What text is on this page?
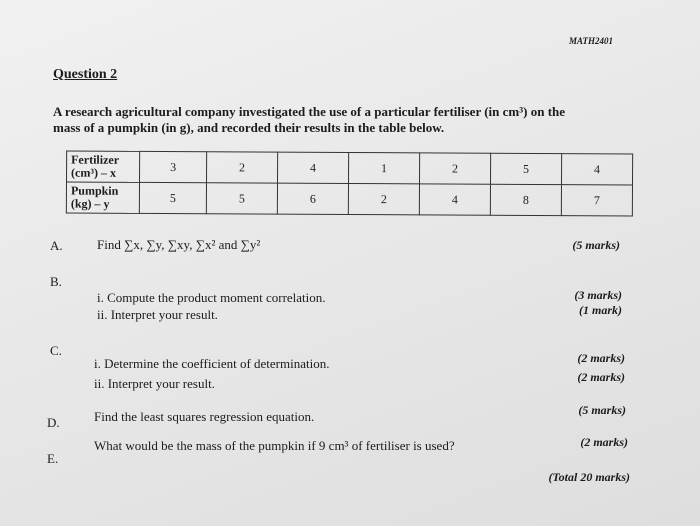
MATH2401
Question 2
A research agricultural company investigated the use of a particular fertiliser (in cm³) on the
mass of a pumpkin (in g), and recorded their results in the table below.
Fertilizer
(cm³) – x	3	2	4	1	2	5	4

Pumpkin
(kg) – y	5	5	6	2	4	8	7
A.	Find ∑x, ∑y, ∑xy, ∑x² and ∑y²	(5 marks)
B.
i. Compute the product moment correlation.
ii. Interpret your result.
(3 marks)
(1 mark)
C.
i. Determine the coefficient of determination.
ii. Interpret your result.
(2 marks)
(2 marks)
D.	Find the least squares regression equation.	(5 marks)
E.
What would be the mass of the pumpkin if 9 cm³ of fertiliser is used?	(2 marks)
(Total 20 marks)
